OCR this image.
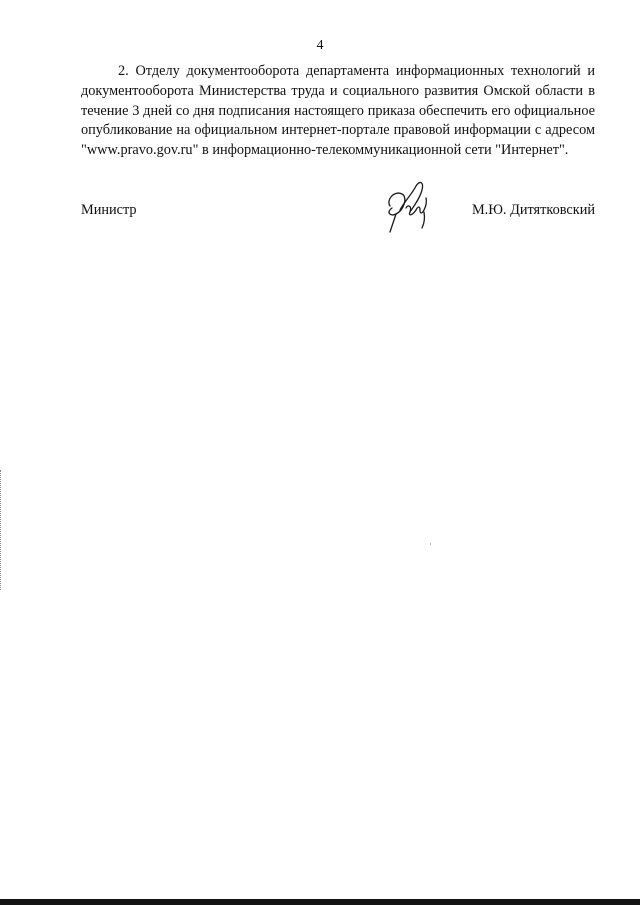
4

2. Отделу документооборота департамента информационных технологий и документооборота Министерства труда и социального развития Омской области в течение 3 дней со дня подписания настоящего приказа обеспечить его официальное опубликование на официальном интернет-портале правовой информации с адресом "www.pravo.gov.ru" в информационно-телекоммуникационной сети "Интернет".

Министр	М.Ю. Дитятковский
